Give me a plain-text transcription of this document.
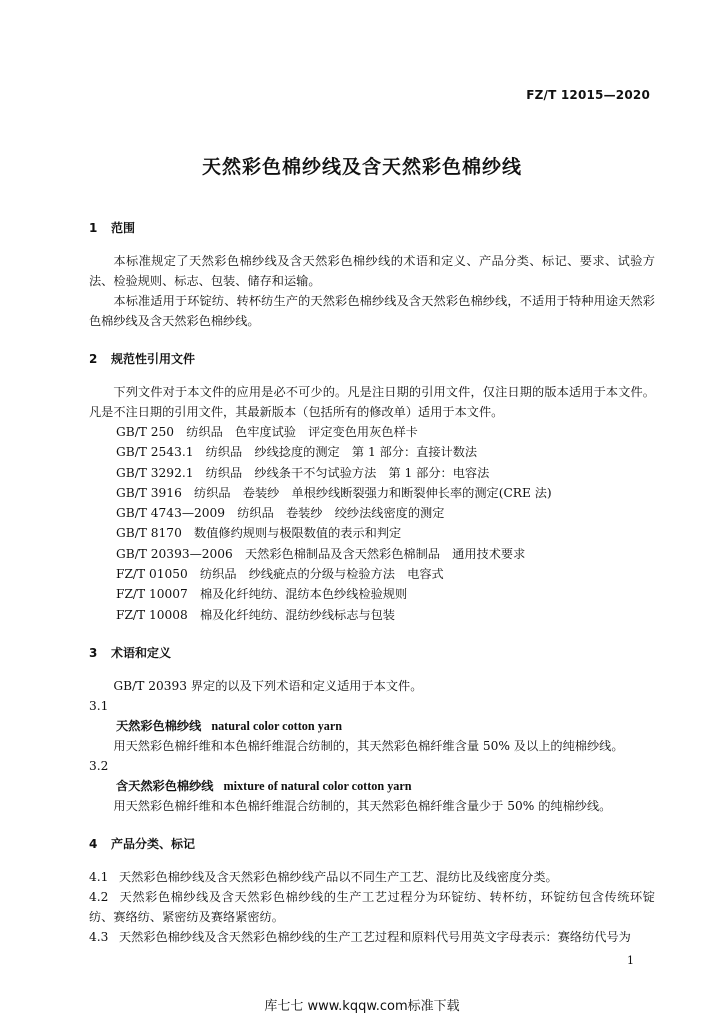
FZ/T 12015—2020
天然彩色棉纱线及含天然彩色棉纱线
1 范围
本标准规定了天然彩色棉纱线及含天然彩色棉纱线的术语和定义、产品分类、标记、要求、试验方法、检验规则、标志、包装、储存和运输。
本标准适用于环锭纺、转杯纺生产的天然彩色棉纱线及含天然彩色棉纱线，不适用于特种用途天然彩色棉纱线及含天然彩色棉纱线。
2 规范性引用文件
下列文件对于本文件的应用是必不可少的。凡是注日期的引用文件，仅注日期的版本适用于本文件。凡是不注日期的引用文件，其最新版本（包括所有的修改单）适用于本文件。
GB/T 250　纺织品　色牢度试验　评定变色用灰色样卡
GB/T 2543.1　纺织品　纱线捻度的测定　第 1 部分：直接计数法
GB/T 3292.1　纺织品　纱线条干不匀试验方法　第 1 部分：电容法
GB/T 3916　纺织品　卷装纱　单根纱线断裂强力和断裂伸长率的测定(CRE 法)
GB/T 4743—2009　纺织品　卷装纱　绞纱法线密度的测定
GB/T 8170　数值修约规则与极限数值的表示和判定
GB/T 20393—2006　天然彩色棉制品及含天然彩色棉制品　通用技术要求
FZ/T 01050　纺织品　纱线疵点的分级与检验方法　电容式
FZ/T 10007　棉及化纤纯纺、混纺本色纱线检验规则
FZ/T 10008　棉及化纤纯纺、混纺纱线标志与包装
3 术语和定义
GB/T 20393 界定的以及下列术语和定义适用于本文件。
3.1
天然彩色棉纱线 natural color cotton yarn
用天然彩色棉纤维和本色棉纤维混合纺制的，其天然彩色棉纤维含量 50% 及以上的纯棉纱线。
3.2
含天然彩色棉纱线 mixture of natural color cotton yarn
用天然彩色棉纤维和本色棉纤维混合纺制的，其天然彩色棉纤维含量少于 50% 的纯棉纱线。
4 产品分类、标记
4.1 天然彩色棉纱线及含天然彩色棉纱线产品以不同生产工艺、混纺比及线密度分类。
4.2 天然彩色棉纱线及含天然彩色棉纱线的生产工艺过程分为环锭纺、转杯纺，环锭纺包含传统环锭纺、赛络纺、紧密纺及赛络紧密纺。
4.3 天然彩色棉纱线及含天然彩色棉纱线的生产工艺过程和原料代号用英文字母表示：赛络纺代号为
1
库七七 www.kqqw.com标准下载
